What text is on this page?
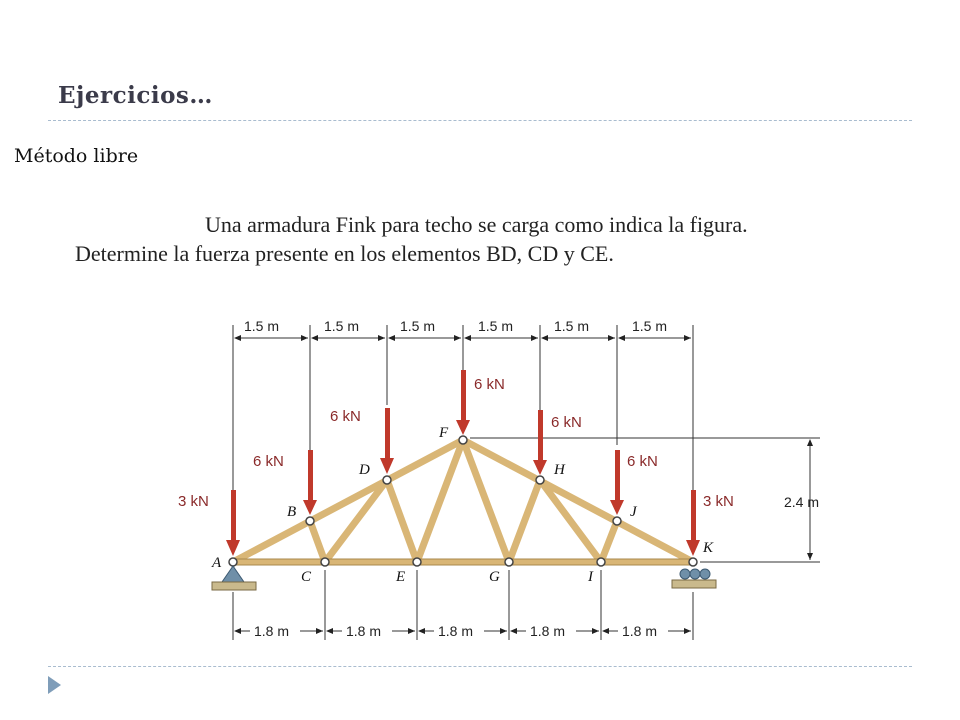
Ejercicios…
Método libre
Una armadura Fink para techo se carga como indica la figura.
Determine la fuerza presente en los elementos BD, CD y CE.
1.5 m	1.5 m	1.5 m	1.5 m	1.5 m	1.5 m
2.4 m
3 kN
6 kN
6 kN
6 kN
6 kN
6 kN
3 kN
A
B
C
D
E
F
G
H
I
J
K
1.8 m	1.8 m	1.8 m	1.8 m	1.8 m
